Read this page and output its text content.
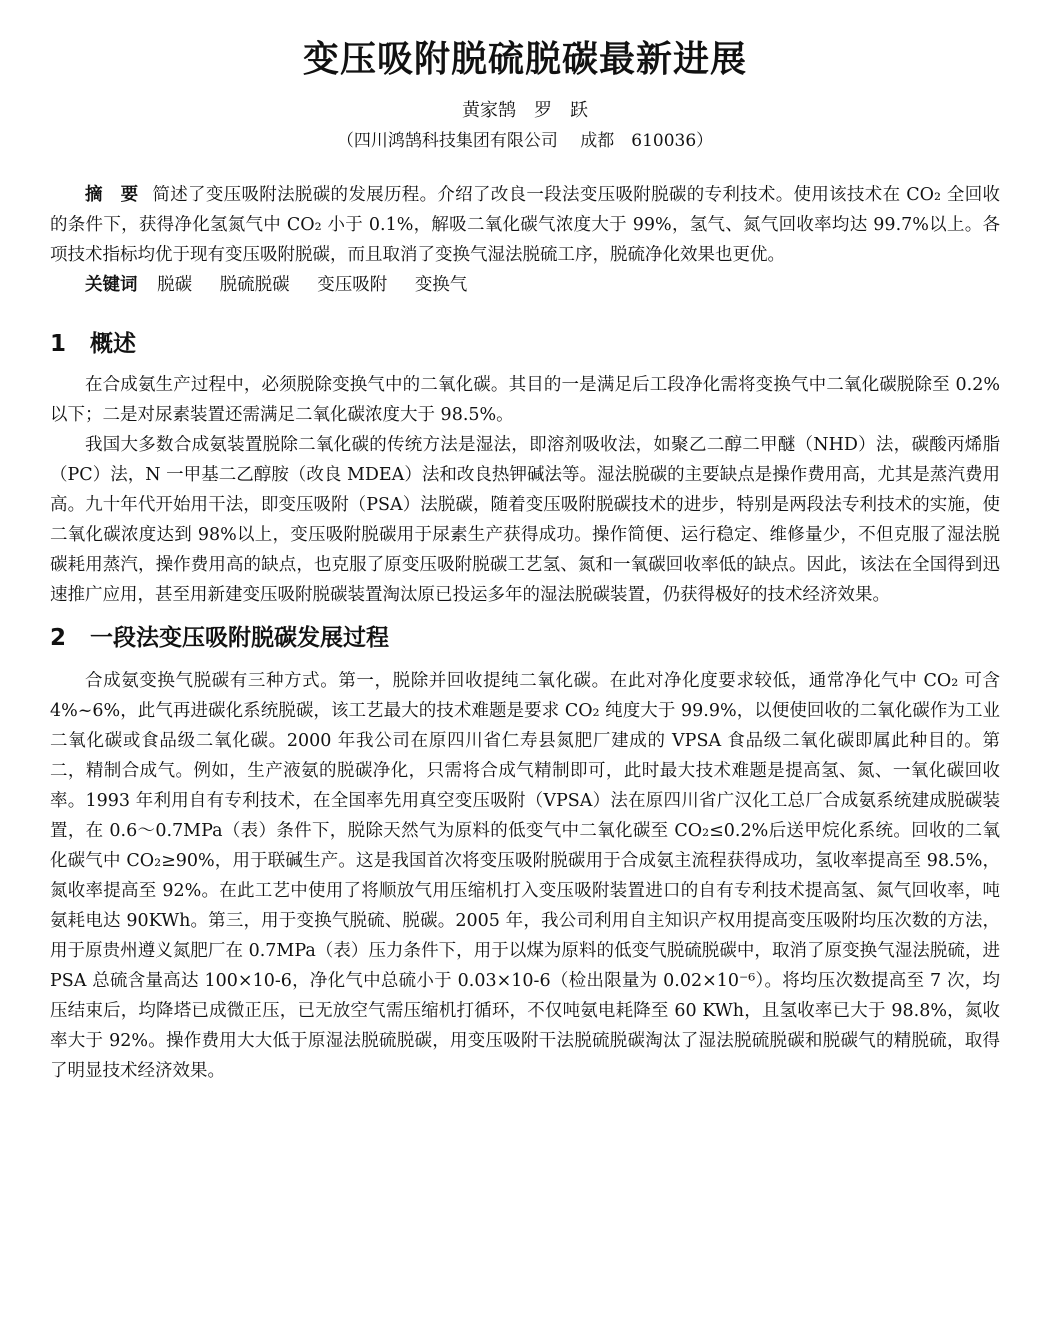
变压吸附脱硫脱碳最新进展
黄家鹄　罗　跃
（四川鸿鹄科技集团有限公司　 成都　610036）
摘　要 简述了变压吸附法脱碳的发展历程。介绍了改良一段法变压吸附脱碳的专利技术。使用该技术在 CO₂ 全回收的条件下，获得净化氢氮气中 CO₂ 小于 0.1%，解吸二氧化碳气浓度大于 99%，氢气、氮气回收率均达 99.7%以上。各项技术指标均优于现有变压吸附脱碳，而且取消了变换气湿法脱硫工序，脱硫净化效果也更优。
关键词 脱碳 脱硫脱碳 变压吸附 变换气
1 概述

在合成氨生产过程中，必须脱除变换气中的二氧化碳。其目的一是满足后工段净化需将变换气中二氧化碳脱除至 0.2%以下；二是对尿素装置还需满足二氧化碳浓度大于 98.5%。

我国大多数合成氨装置脱除二氧化碳的传统方法是湿法，即溶剂吸收法，如聚乙二醇二甲醚（NHD）法，碳酸丙烯脂（PC）法，N 一甲基二乙醇胺（改良 MDEA）法和改良热钾碱法等。湿法脱碳的主要缺点是操作费用高，尤其是蒸汽费用高。九十年代开始用干法，即变压吸附（PSA）法脱碳，随着变压吸附脱碳技术的进步，特别是两段法专利技术的实施，使二氧化碳浓度达到 98%以上，变压吸附脱碳用于尿素生产获得成功。操作简便、运行稳定、维修量少，不但克服了湿法脱碳耗用蒸汽，操作费用高的缺点，也克服了原变压吸附脱碳工艺氢、氮和一氧碳回收率低的缺点。因此，该法在全国得到迅速推广应用，甚至用新建变压吸附脱碳装置淘汰原已投运多年的湿法脱碳装置，仍获得极好的技术经济效果。

2 一段法变压吸附脱碳发展过程

合成氨变换气脱碳有三种方式。第一，脱除并回收提纯二氧化碳。在此对净化度要求较低，通常净化气中 CO₂ 可含 4%~6%，此气再进碳化系统脱碳，该工艺最大的技术难题是要求 CO₂ 纯度大于 99.9%，以便使回收的二氧化碳作为工业二氧化碳或食品级二氧化碳。2000 年我公司在原四川省仁寿县氮肥厂建成的 VPSA 食品级二氧化碳即属此种目的。第二，精制合成气。例如，生产液氨的脱碳净化，只需将合成气精制即可，此时最大技术难题是提高氢、氮、一氧化碳回收率。1993 年利用自有专利技术，在全国率先用真空变压吸附（VPSA）法在原四川省广汉化工总厂合成氨系统建成脱碳装置，在 0.6～0.7MPa（表）条件下，脱除天然气为原料的低变气中二氧化碳至 CO₂≤0.2%后送甲烷化系统。回收的二氧化碳气中 CO₂≥90%，用于联碱生产。这是我国首次将变压吸附脱碳用于合成氨主流程获得成功，氢收率提高至 98.5%，氮收率提高至 92%。在此工艺中使用了将顺放气用压缩机打入变压吸附装置进口的自有专利技术提高氢、氮气回收率，吨氨耗电达 90KWh。第三，用于变换气脱硫、脱碳。2005 年，我公司利用自主知识产权用提高变压吸附均压次数的方法，用于原贵州遵义氮肥厂在 0.7MPa（表）压力条件下，用于以煤为原料的低变气脱硫脱碳中，取消了原变换气湿法脱硫，进 PSA 总硫含量高达 100×10-6，净化气中总硫小于 0.03×10-6（检出限量为 0.02×10⁻⁶）。将均压次数提高至 7 次，均压结束后，均降塔已成微正压，已无放空气需压缩机打循环，不仅吨氨电耗降至 60 KWh，且氢收率已大于 98.8%，氮收率大于 92%。操作费用大大低于原湿法脱硫脱碳，用变压吸附干法脱硫脱碳淘汰了湿法脱硫脱碳和脱碳气的精脱硫，取得了明显技术经济效果。
